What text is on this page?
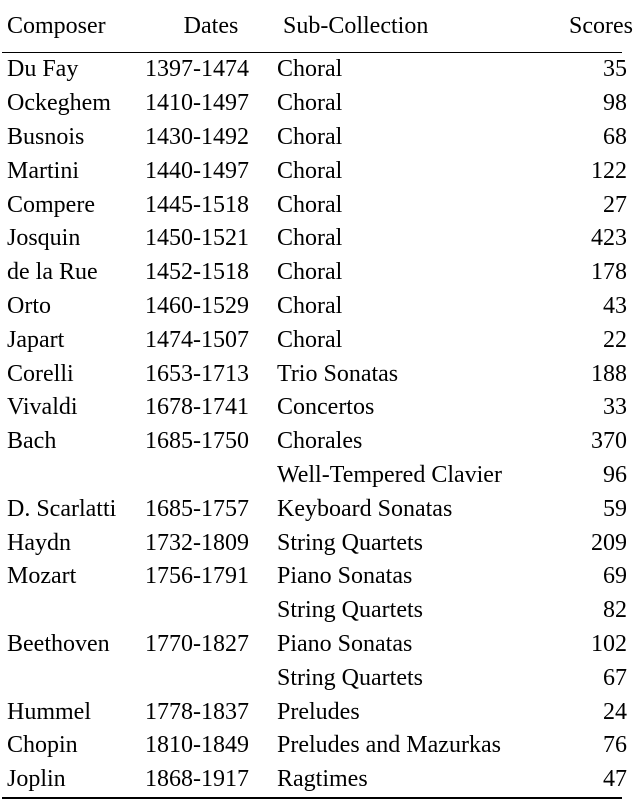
Composer	Dates	Sub-Collection	Scores
Du Fay	1397-1474	Choral	35
Ockeghem	1410-1497	Choral	98
Busnois	1430-1492	Choral	68
Martini	1440-1497	Choral	122
Compere	1445-1518	Choral	27
Josquin	1450-1521	Choral	423
de la Rue	1452-1518	Choral	178
Orto	1460-1529	Choral	43
Japart	1474-1507	Choral	22
Corelli	1653-1713	Trio Sonatas	188
Vivaldi	1678-1741	Concertos	33
Bach	1685-1750	Chorales	370
		Well-Tempered Clavier	96
D. Scarlatti	1685-1757	Keyboard Sonatas	59
Haydn	1732-1809	String Quartets	209
Mozart	1756-1791	Piano Sonatas	69
		String Quartets	82
Beethoven	1770-1827	Piano Sonatas	102
		String Quartets	67
Hummel	1778-1837	Preludes	24
Chopin	1810-1849	Preludes and Mazurkas	76
Joplin	1868-1917	Ragtimes	47
